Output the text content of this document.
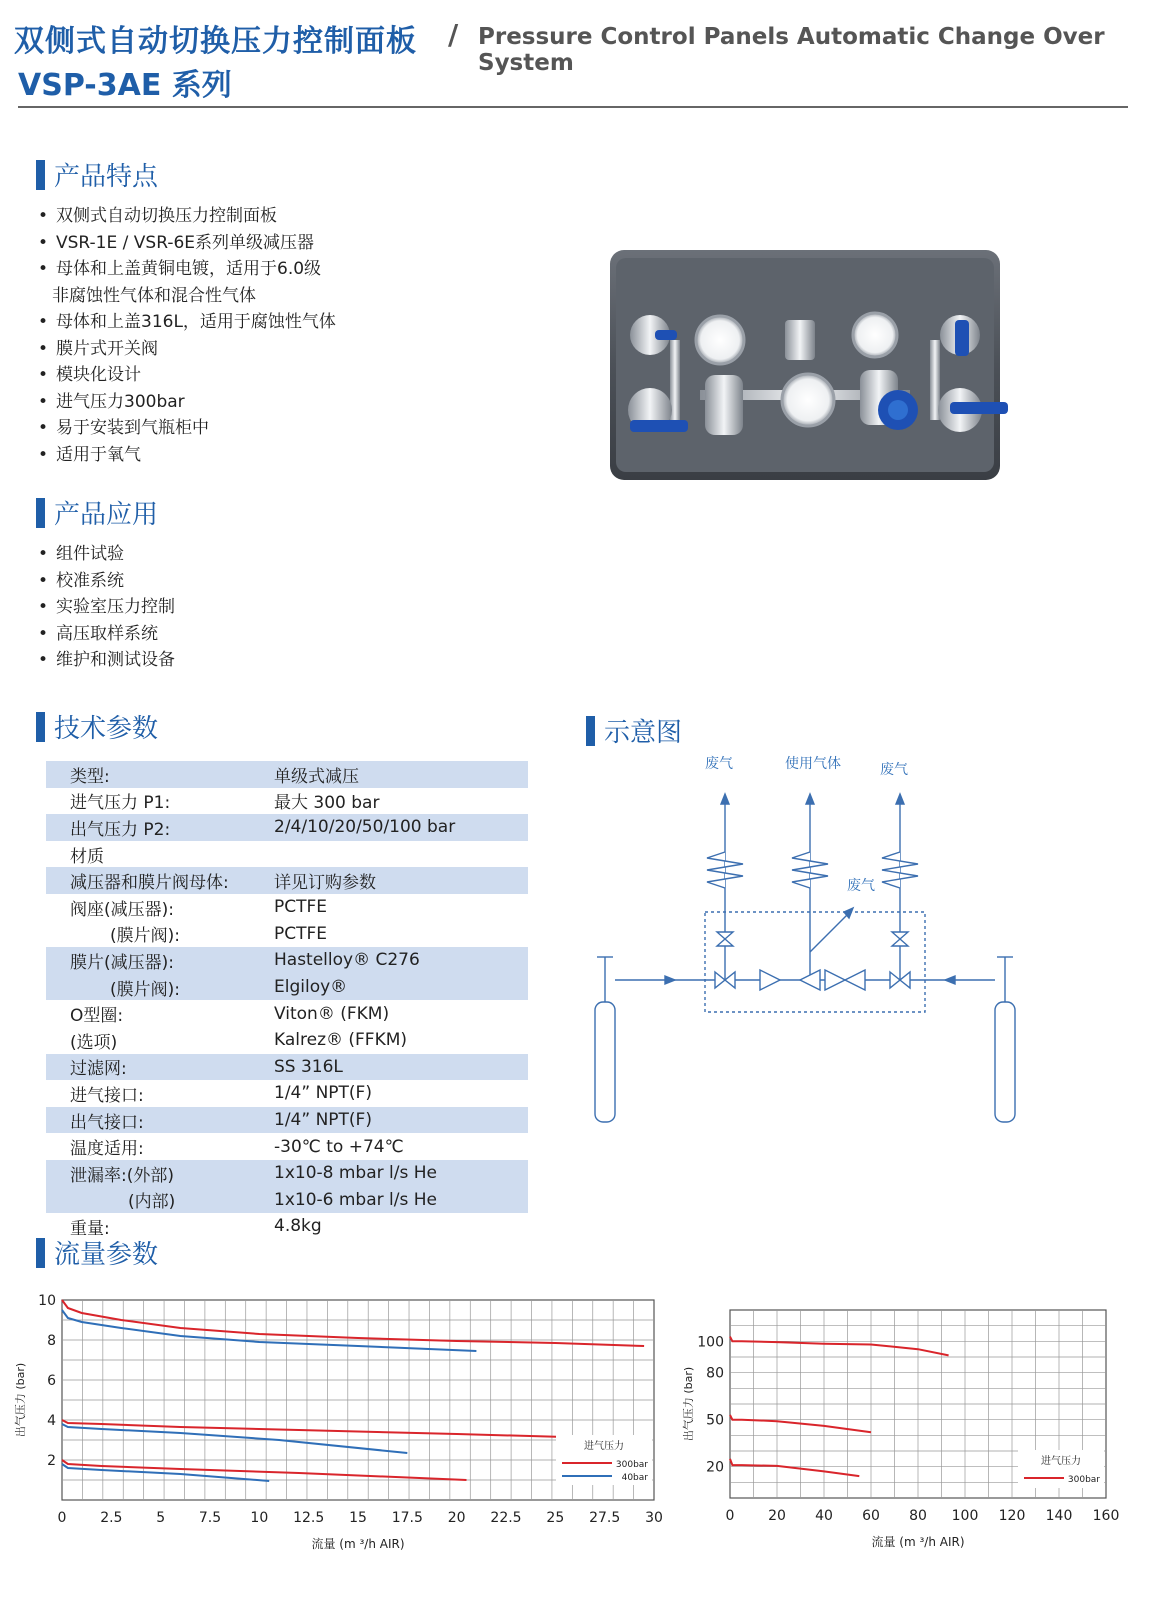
双侧式自动切换压力控制面板 / Pressure Control Panels Automatic Change Over System
VSP-3AE 系列
产品特点
• 双侧式自动切换压力控制面板
• VSR-1E / VSR-6E系列单级减压器
• 母体和上盖黄铜电镀，适用于6.0级
非腐蚀性气体和混合性气体
• 母体和上盖316L，适用于腐蚀性气体
• 膜片式开关阀
• 模块化设计
• 进气压力300bar
• 易于安装到气瓶柜中
• 适用于氧气
产品应用
• 组件试验
• 校准系统
• 实验室压力控制
• 高压取样系统
• 维护和测试设备
技术参数
类型:	单级式减压
进气压力 P1:	最大 300 bar
出气压力 P2:	2/4/10/20/50/100 bar
材质	
减压器和膜片阀母体:	详见订购参数
阀座(减压器):	PCTFE
(膜片阀):	PCTFE
膜片(减压器):	Hastelloy® C276
(膜片阀):	Elgiloy®
O型圈:	Viton® (FKM)
(选项)	Kalrez® (FFKM)
过滤网:	SS 316L
进气接口:	1/4” NPT(F)
出气接口:	1/4” NPT(F)
温度适用:	-30℃ to +74℃
泄漏率:(外部)	1x10-8 mbar l/s He
(内部)	1x10-6 mbar l/s He
重量:	4.8kg
示意图
废气	使用气体	废气
废气
流量参数
0 2.5 5 7.5 10 12.5 15 17.5 20 22.5 25 27.5 30
2
4
6
8
10
流量 (m ³/h AIR)
出气压力 (bar)
进气压力
300bar
40bar
0 20 40 60 80 100 120 140 160
20
50
80
100
流量 (m ³/h AIR)
出气压力 (bar)
进气压力
300bar
